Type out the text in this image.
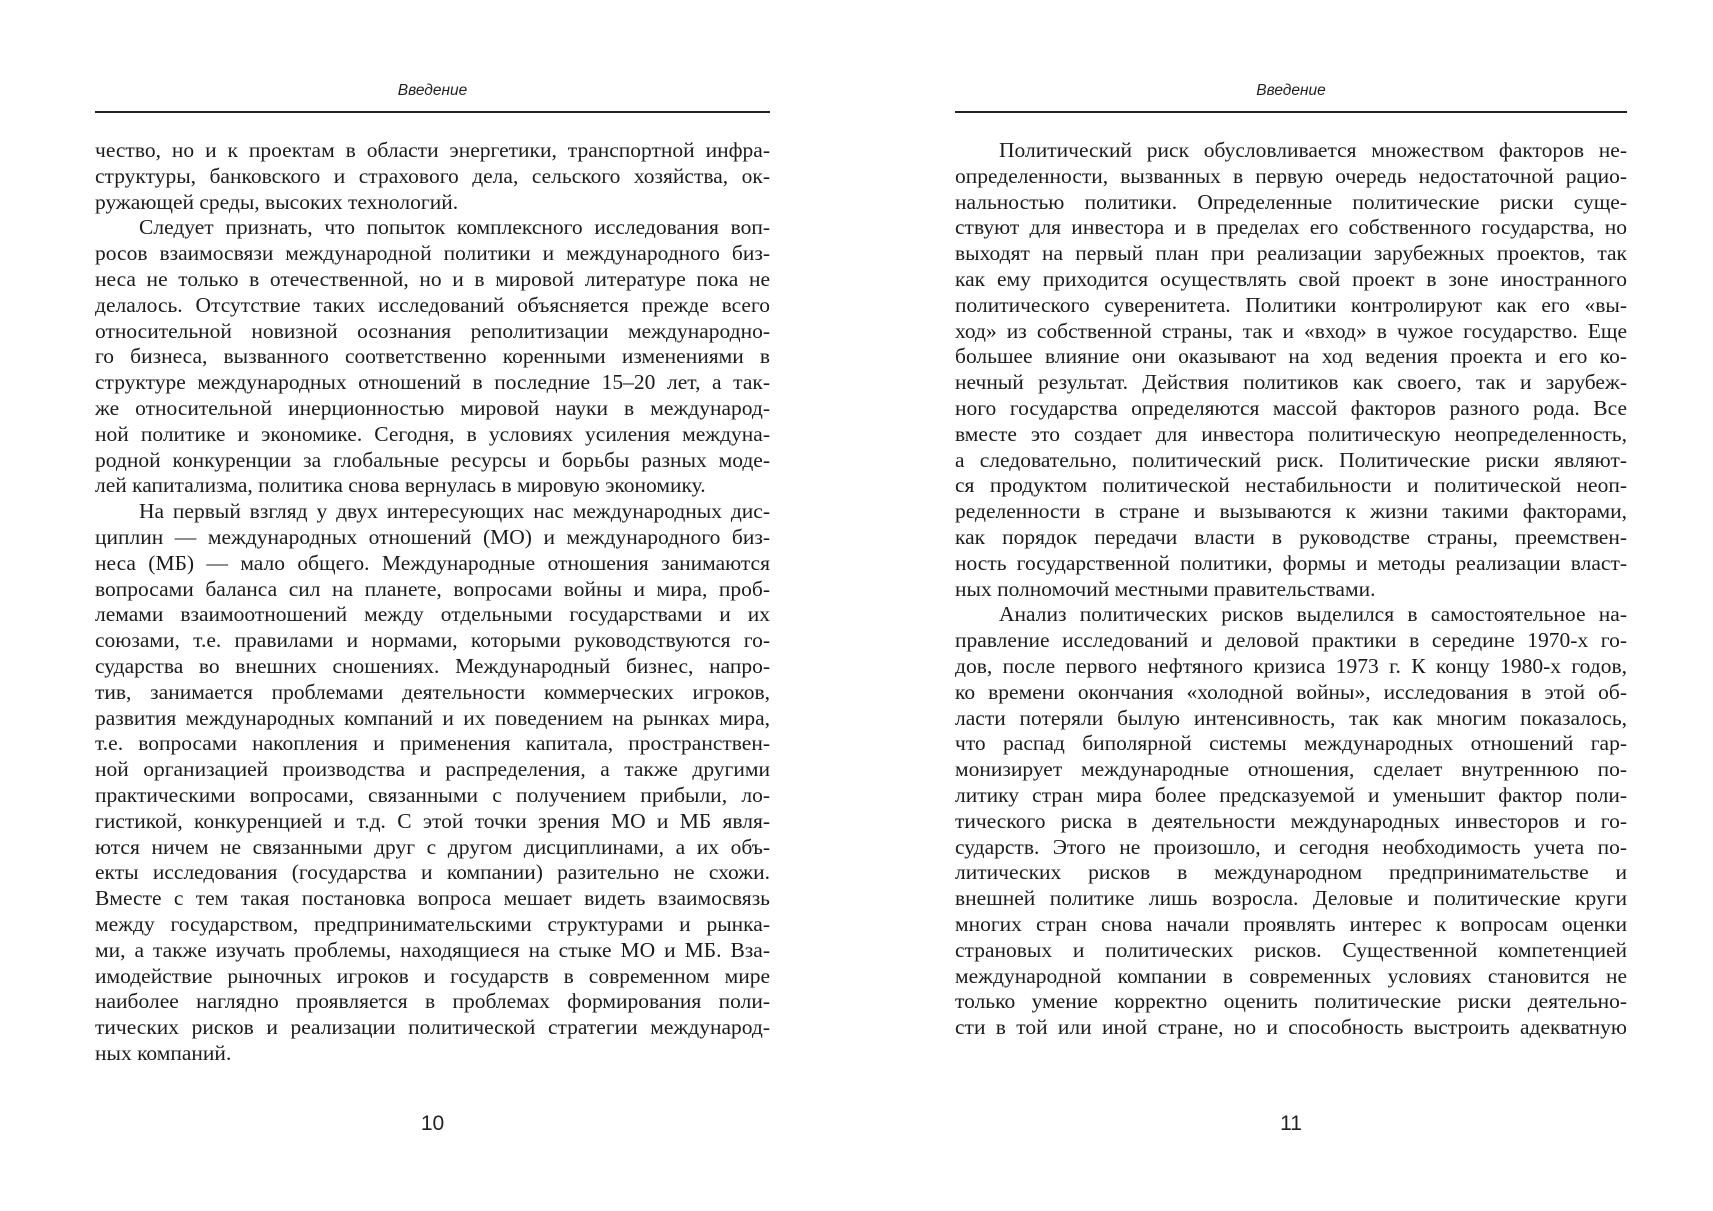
Введение
чество, но и к проектам в области энергетики, транспортной инфра-
структуры, банковского и страхового дела, сельского хозяйства, ок-
ружающей среды, высоких технологий.
Следует признать, что попыток комплексного исследования воп-
росов взаимосвязи международной политики и международного биз-
неса не только в отечественной, но и в мировой литературе пока не
делалось. Отсутствие таких исследований объясняется прежде всего
относительной новизной осознания реполитизации международно-
го бизнеса, вызванного соответственно коренными изменениями в
структуре международных отношений в последние 15–20 лет, а так-
же относительной инерционностью мировой науки в международ-
ной политике и экономике. Сегодня, в условиях усиления междуна-
родной конкуренции за глобальные ресурсы и борьбы разных моде-
лей капитализма, политика снова вернулась в мировую экономику.
На первый взгляд у двух интересующих нас международных дис-
циплин — международных отношений (МО) и международного биз-
неса (МБ) — мало общего. Международные отношения занимаются
вопросами баланса сил на планете, вопросами войны и мира, проб-
лемами взаимоотношений между отдельными государствами и их
союзами, т.е. правилами и нормами, которыми руководствуются го-
сударства во внешних сношениях. Международный бизнес, напро-
тив, занимается проблемами деятельности коммерческих игроков,
развития международных компаний и их поведением на рынках мира,
т.е. вопросами накопления и применения капитала, пространствен-
ной организацией производства и распределения, а также другими
практическими вопросами, связанными с получением прибыли, ло-
гистикой, конкуренцией и т.д. С этой точки зрения МО и МБ явля-
ются ничем не связанными друг с другом дисциплинами, а их объ-
екты исследования (государства и компании) разительно не схожи.
Вместе с тем такая постановка вопроса мешает видеть взаимосвязь
между государством, предпринимательскими структурами и рынка-
ми, а также изучать проблемы, находящиеся на стыке МО и МБ. Вза-
имодействие рыночных игроков и государств в современном мире
наиболее наглядно проявляется в проблемах формирования поли-
тических рисков и реализации политической стратегии международ-
ных компаний.
10
Введение
Политический риск обусловливается множеством факторов не-
определенности, вызванных в первую очередь недостаточной рацио-
нальностью политики. Определенные политические риски суще-
ствуют для инвестора и в пределах его собственного государства, но
выходят на первый план при реализации зарубежных проектов, так
как ему приходится осуществлять свой проект в зоне иностранного
политического суверенитета. Политики контролируют как его «вы-
ход» из собственной страны, так и «вход» в чужое государство. Еще
большее влияние они оказывают на ход ведения проекта и его ко-
нечный результат. Действия политиков как своего, так и зарубеж-
ного государства определяются массой факторов разного рода. Все
вместе это создает для инвестора политическую неопределенность,
а следовательно, политический риск. Политические риски являют-
ся продуктом политической нестабильности и политической неоп-
ределенности в стране и вызываются к жизни такими факторами,
как порядок передачи власти в руководстве страны, преемствен-
ность государственной политики, формы и методы реализации власт-
ных полномочий местными правительствами.
Анализ политических рисков выделился в самостоятельное на-
правление исследований и деловой практики в середине 1970-х го-
дов, после первого нефтяного кризиса 1973 г. К концу 1980-х годов,
ко времени окончания «холодной войны», исследования в этой об-
ласти потеряли былую интенсивность, так как многим показалось,
что распад биполярной системы международных отношений гар-
монизирует международные отношения, сделает внутреннюю по-
литику стран мира более предсказуемой и уменьшит фактор поли-
тического риска в деятельности международных инвесторов и го-
сударств. Этого не произошло, и сегодня необходимость учета по-
литических рисков в международном предпринимательстве и
внешней политике лишь возросла. Деловые и политические круги
многих стран снова начали проявлять интерес к вопросам оценки
страновых и политических рисков. Существенной компетенцией
международной компании в современных условиях становится не
только умение корректно оценить политические риски деятельно-
сти в той или иной стране, но и способность выстроить адекватную
11
